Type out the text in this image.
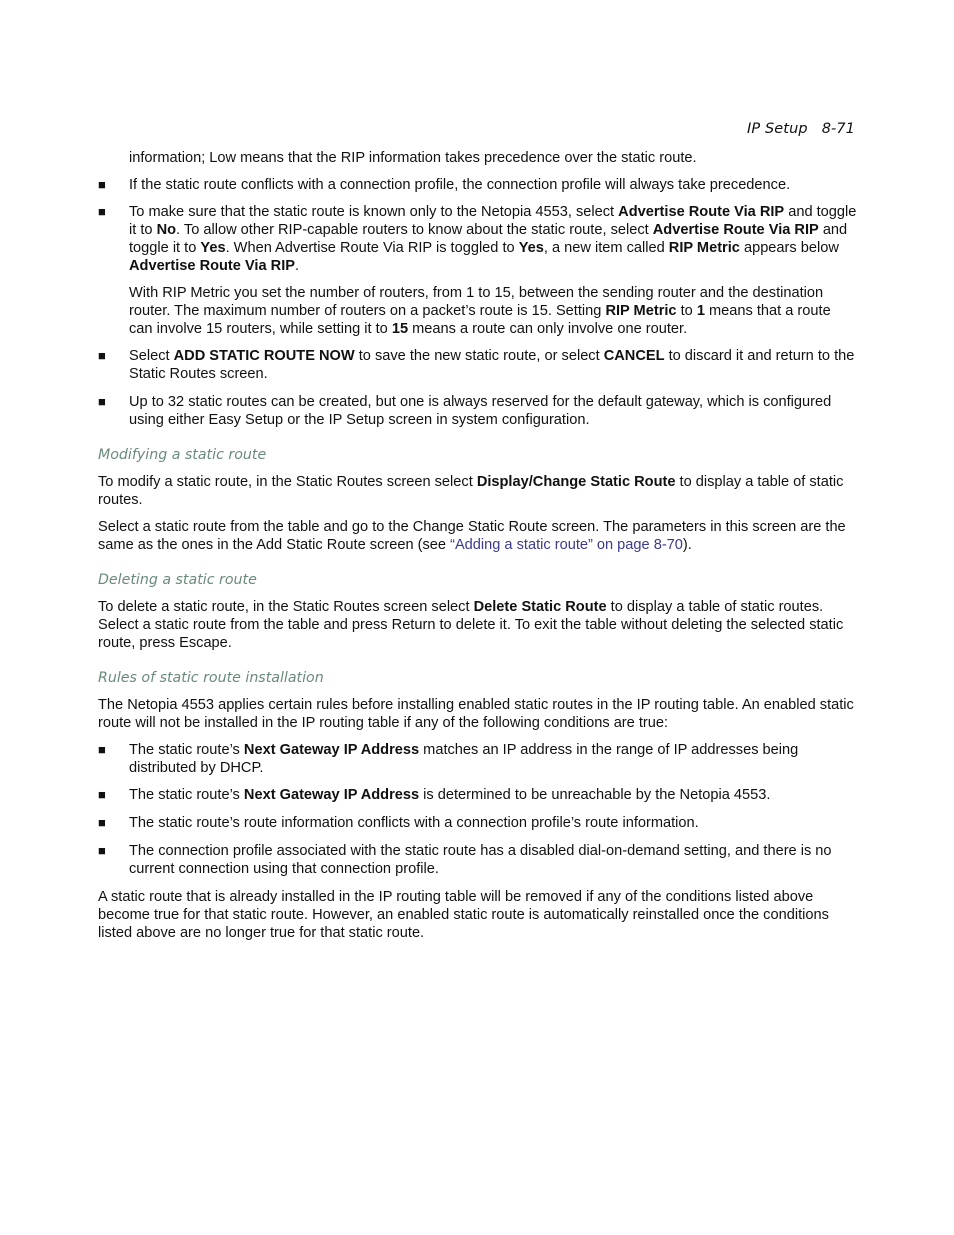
IP Setup 8-71

information; Low means that the RIP information takes precedence over the static route.

■ If the static route conflicts with a connection profile, the connection profile will always take precedence.
■ To make sure that the static route is known only to the Netopia 4553, select Advertise Route Via RIP and toggle it to No. To allow other RIP-capable routers to know about the static route, select Advertise Route Via RIP and toggle it to Yes. When Advertise Route Via RIP is toggled to Yes, a new item called RIP Metric appears below Advertise Route Via RIP.

With RIP Metric you set the number of routers, from 1 to 15, between the sending router and the destination router. The maximum number of routers on a packet’s route is 15. Setting RIP Metric to 1 means that a route can involve 15 routers, while setting it to 15 means a route can only involve one router.

■ Select ADD STATIC ROUTE NOW to save the new static route, or select CANCEL to discard it and return to the Static Routes screen.
■ Up to 32 static routes can be created, but one is always reserved for the default gateway, which is configured using either Easy Setup or the IP Setup screen in system configuration.

Modifying a static route

To modify a static route, in the Static Routes screen select Display/Change Static Route to display a table of static routes.

Select a static route from the table and go to the Change Static Route screen. The parameters in this screen are the same as the ones in the Add Static Route screen (see “Adding a static route” on page 8-70).

Deleting a static route

To delete a static route, in the Static Routes screen select Delete Static Route to display a table of static routes. Select a static route from the table and press Return to delete it. To exit the table without deleting the selected static route, press Escape.

Rules of static route installation

The Netopia 4553 applies certain rules before installing enabled static routes in the IP routing table. An enabled static route will not be installed in the IP routing table if any of the following conditions are true:

■ The static route’s Next Gateway IP Address matches an IP address in the range of IP addresses being distributed by DHCP.
■ The static route’s Next Gateway IP Address is determined to be unreachable by the Netopia 4553.
■ The static route’s route information conflicts with a connection profile’s route information.
■ The connection profile associated with the static route has a disabled dial-on-demand setting, and there is no current connection using that connection profile.

A static route that is already installed in the IP routing table will be removed if any of the conditions listed above become true for that static route. However, an enabled static route is automatically reinstalled once the conditions listed above are no longer true for that static route.
